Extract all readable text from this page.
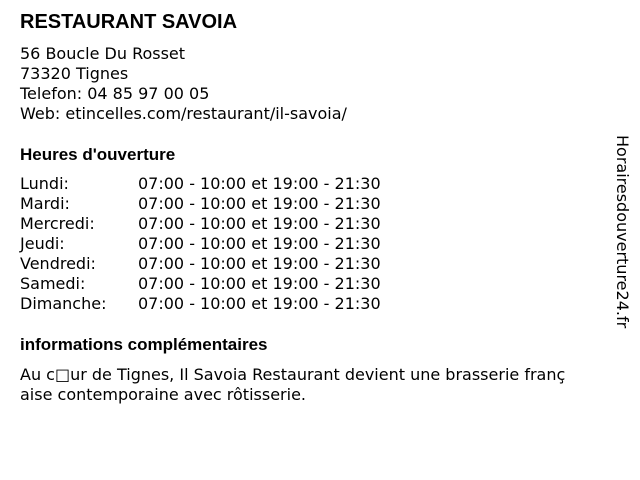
RESTAURANT SAVOIA
56 Boucle Du Rosset
73320 Tignes
Telefon: 04 85 97 00 05
Web: etincelles.com/restaurant/il-savoia/
Heures d'ouverture
Lundi:	07:00 - 10:00 et 19:00 - 21:30
Mardi:	07:00 - 10:00 et 19:00 - 21:30
Mercredi:	07:00 - 10:00 et 19:00 - 21:30
Jeudi:	07:00 - 10:00 et 19:00 - 21:30
Vendredi:	07:00 - 10:00 et 19:00 - 21:30
Samedi:	07:00 - 10:00 et 19:00 - 21:30
Dimanche: 07:00 - 10:00 et 19:00 - 21:30
informations complémentaires
Au c□ur de Tignes, Il Savoia Restaurant devient une brasserie franç
aise contemporaine avec rôtisserie.
Horairesdouverture24.fr
